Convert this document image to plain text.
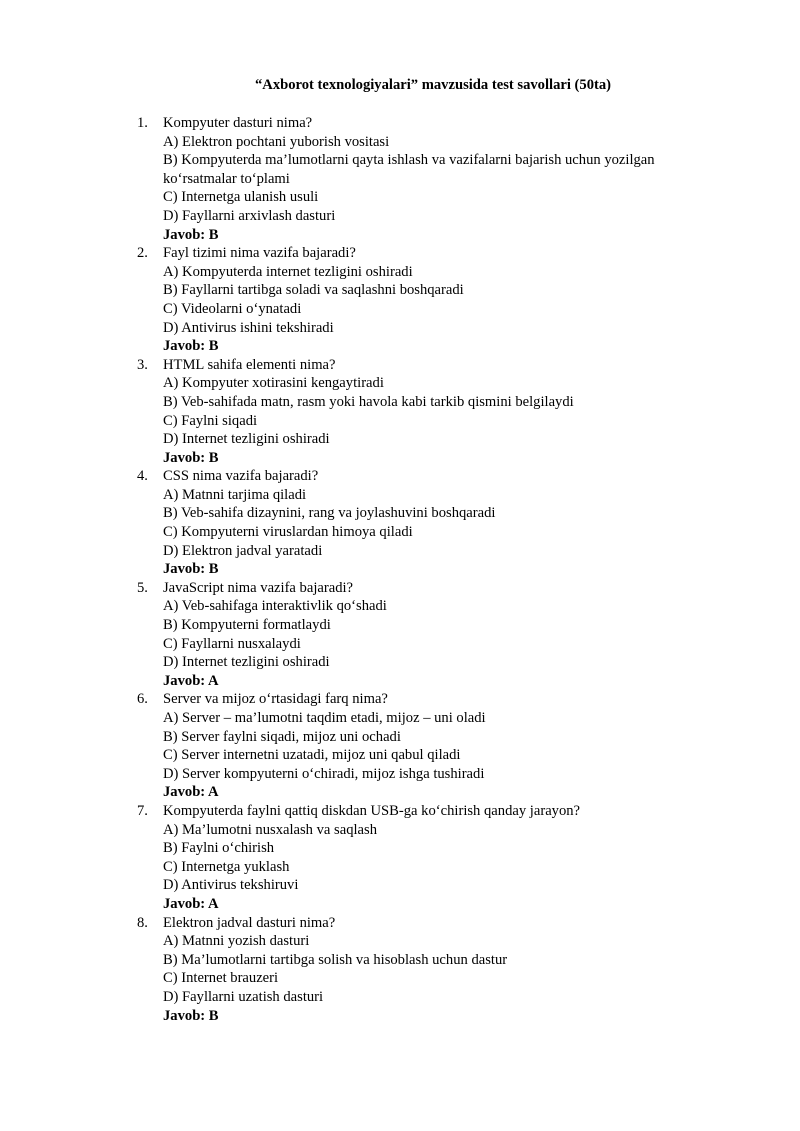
“Axborot texnologiyalari” mavzusida test savollari (50ta)
1.	Kompyuter dasturi nima?
A) Elektron pochtani yuborish vositasi
B) Kompyuterda ma’lumotlarni qayta ishlash va vazifalarni bajarish uchun yozilgan ko‘rsatmalar to‘plami
C) Internetga ulanish usuli
D) Fayllarni arxivlash dasturi
Javob: B
2.	Fayl tizimi nima vazifa bajaradi?
A) Kompyuterda internet tezligini oshiradi
B) Fayllarni tartibga soladi va saqlashni boshqaradi
C) Videolarni o‘ynatadi
D) Antivirus ishini tekshiradi
Javob: B
3.	HTML sahifa elementi nima?
A) Kompyuter xotirasini kengaytiradi
B) Veb-sahifada matn, rasm yoki havola kabi tarkib qismini belgilaydi
C) Faylni siqadi
D) Internet tezligini oshiradi
Javob: B
4.	CSS nima vazifa bajaradi?
A) Matnni tarjima qiladi
B) Veb-sahifa dizaynini, rang va joylashuvini boshqaradi
C) Kompyuterni viruslardan himoya qiladi
D) Elektron jadval yaratadi
Javob: B
5.	JavaScript nima vazifa bajaradi?
A) Veb-sahifaga interaktivlik qo‘shadi
B) Kompyuterni formatlaydi
C) Fayllarni nusxalaydi
D) Internet tezligini oshiradi
Javob: A
6.	Server va mijoz o‘rtasidagi farq nima?
A) Server – ma’lumotni taqdim etadi, mijoz – uni oladi
B) Server faylni siqadi, mijoz uni ochadi
C) Server internetni uzatadi, mijoz uni qabul qiladi
D) Server kompyuterni o‘chiradi, mijoz ishga tushiradi
Javob: A
7.	Kompyuterda faylni qattiq diskdan USB-ga ko‘chirish qanday jarayon?
A) Ma’lumotni nusxalash va saqlash
B) Faylni o‘chirish
C) Internetga yuklash
D) Antivirus tekshiruvi
Javob: A
8.	Elektron jadval dasturi nima?
A) Matnni yozish dasturi
B) Ma’lumotlarni tartibga solish va hisoblash uchun dastur
C) Internet brauzeri
D) Fayllarni uzatish dasturi
Javob: B
